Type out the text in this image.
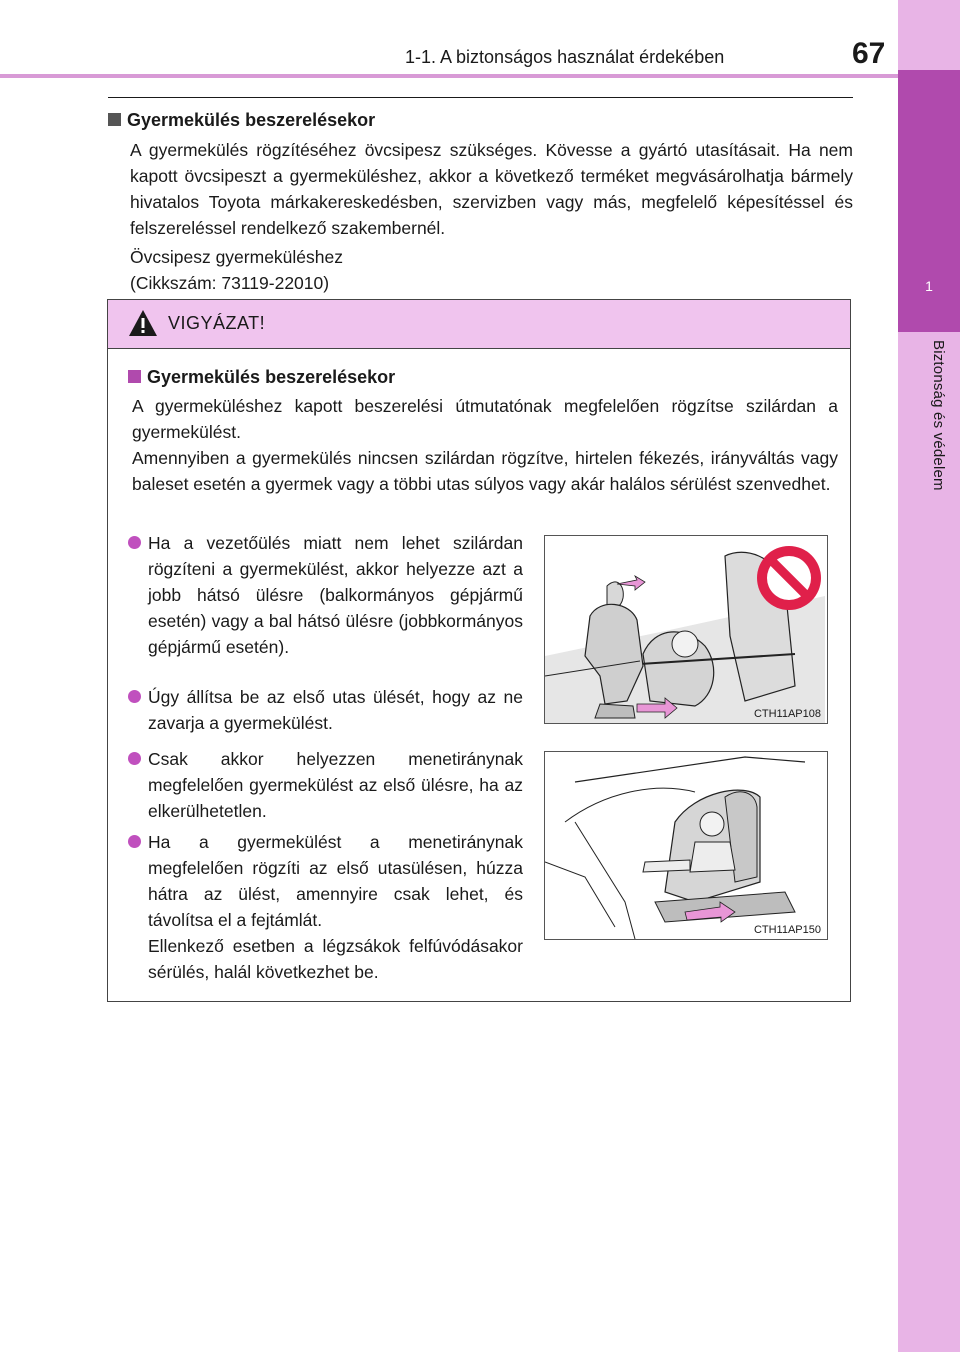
1
Biztonság és védelem
1-1. A biztonságos használat érdekében	67
Gyermekülés beszerelésekor
A gyermekülés rögzítéséhez övcsipesz szükséges. Kövesse a gyártó utasításait. Ha nem kapott övcsipeszt a gyermeküléshez, akkor a következő terméket megvásárolhatja bármely hivatalos Toyota márkakereskedésben, szervizben vagy más, megfelelő képesítéssel és felszereléssel rendelkező szakembernél.
Övcsipesz gyermeküléshez
(Cikkszám: 73119-22010)
VIGYÁZAT!
Gyermekülés beszerelésekor
A gyermeküléshez kapott beszerelési útmutatónak megfelelően rögzítse szilárdan a gyermekülést.
Amennyiben a gyermekülés nincsen szilárdan rögzítve, hirtelen fékezés, irányváltás vagy baleset esetén a gyermek vagy a többi utas súlyos vagy akár halálos sérülést szenvedhet.
Ha a vezetőülés miatt nem lehet szilárdan rögzíteni a gyermekülést, akkor helyezze azt a jobb hátsó ülésre (balkormányos gépjármű esetén) vagy a bal hátsó ülésre (jobbkormányos gépjármű esetén).
Úgy állítsa be az első utas ülését, hogy az ne zavarja a gyermekülést.
Csak akkor helyezzen menetiránynak megfelelően gyermekülést az első ülésre, ha az elkerülhetetlen.
Ha a gyermekülést a menetiránynak megfelelően rögzíti az első utasülésen, húzza hátra az ülést, amennyire csak lehet, és távolítsa el a fejtámlát.
Ellenkező esetben a légzsákok felfúvódásakor sérülés, halál következhet be.
CTH11AP108
CTH11AP150
